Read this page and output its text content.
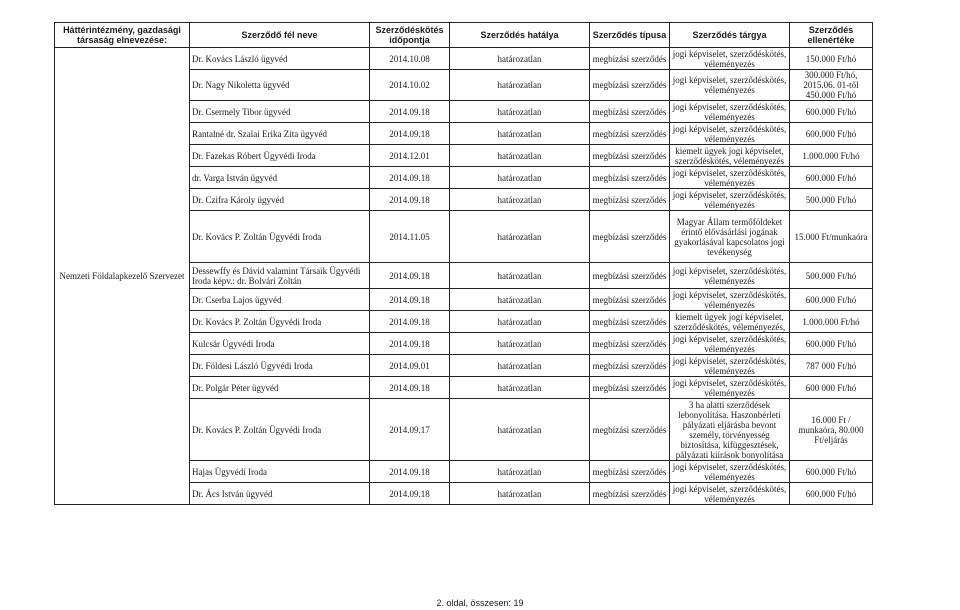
Háttérintézmény, gazdasági társaság elnevezése:	Szerződő fél neve	Szerződéskötés időpontja	Szerződés hatálya	Szerződés típusa	Szerződés tárgya	Szerződés ellenértéke
Nemzeti Földalapkezelő Szervezet	Dr. Kovács László ügyvéd	2014.10.08	határozatlan	megbízási szerződés	jogi képviselet, szerződéskötés, véleményezés	150.000 Ft/hó
	Dr. Nagy Nikoletta ügyvéd	2014.10.02	határozatlan	megbízási szerződés	jogi képviselet, szerződéskötés, véleményezés	300.000 Ft/hó, 2015.06. 01-től 450.000 Ft/hó
	Dr. Csermely Tibor ügyvéd	2014.09.18	határozatlan	megbízási szerződés	jogi képviselet, szerződéskötés, véleményezés	600.000 Ft/hó
	Rantalné dr. Szalai Erika Zita ügyvéd	2014.09.18	határozatlan	megbízási szerződés	jogi képviselet, szerződéskötés, véleményezés	600.000 Ft/hó
	Dr. Fazekas Róbert Ügyvédi Iroda	2014.12.01	határozatlan	megbízási szerződés	kiemelt ügyek jogi képviselet, szerződéskötés, véleményezés	1.000.000 Ft/hó
	dr. Varga István ügyvéd	2014.09.18	határozatlan	megbízási szerződés	jogi képviselet, szerződéskötés, véleményezés	600.000 Ft/hó
	Dr. Czifra Károly ügyvéd	2014.09.18	határozatlan	megbízási szerződés	jogi képviselet, szerződéskötés, véleményezés	500.000 Ft/hó
	Dr. Kovács P. Zoltán Ügyvédi Iroda	2014.11.05	határozatlan	megbízási szerződés	Magyar Állam termőföldeket érintő elővásárlási jogának gyakorlásával kapcsolatos jogi tevékenység	15.000 Ft/munkaóra
	Dessewffy és Dávid valamint Társaik Ügyvédi Iroda képv.: dr. Bolvári Zoltán	2014.09.18	határozatlan	megbízási szerződés	jogi képviselet, szerződéskötés, véleményezés	500.000 Ft/hó
	Dr. Cserba Lajos ügyvéd	2014.09.18	határozatlan	megbízási szerződés	jogi képviselet, szerződéskötés, véleményezés	600.000 Ft/hó
	Dr. Kovács P. Zoltán Ügyvédi Iroda	2014.09.18	határozatlan	megbízási szerződés	kiemelt ügyek jogi képviselet, szerződéskötés, véleményezés,	1.000.000 Ft/hó
	Kulcsár Ügyvédi Iroda	2014.09.18	határozatlan	megbízási szerződés	jogi képviselet, szerződéskötés, véleményezés	600.000 Ft/hó
	Dr. Földesi László Ügyvédi Iroda	2014.09.01	határozatlan	megbízási szerződés	jogi képviselet, szerződéskötés, véleményezés	787 000 Ft/hó
	Dr. Polgár Péter ügyvéd	2014.09.18	határozatlan	megbízási szerződés	jogi képviselet, szerződéskötés, véleményezés	600 000 Ft/hó
	Dr. Kovács P. Zoltán Ügyvédi Iroda	2014.09.17	határozatlan	megbízási szerződés	3 ha alatti szerződések lebonyolítása. Haszonbérleti pályázati eljárásba bevont személy, törvényesség biztosítása, kifüggesztések, pályázati kiírások bonyolítása	16.000 Ft / munkaóra, 80.000 Ft/eljárás
	Hajas Ügyvédi Iroda	2014.09.18	határozatlan	megbízási szerződés	jogi képviselet, szerződéskötés, véleményezés	600.000 Ft/hó
	Dr. Ács István ügyvéd	2014.09.18	határozatlan	megbízási szerződés	jogi képviselet, szerződéskötés, véleményezés	600.000 Ft/hó
2. oldal, összesen: 19
